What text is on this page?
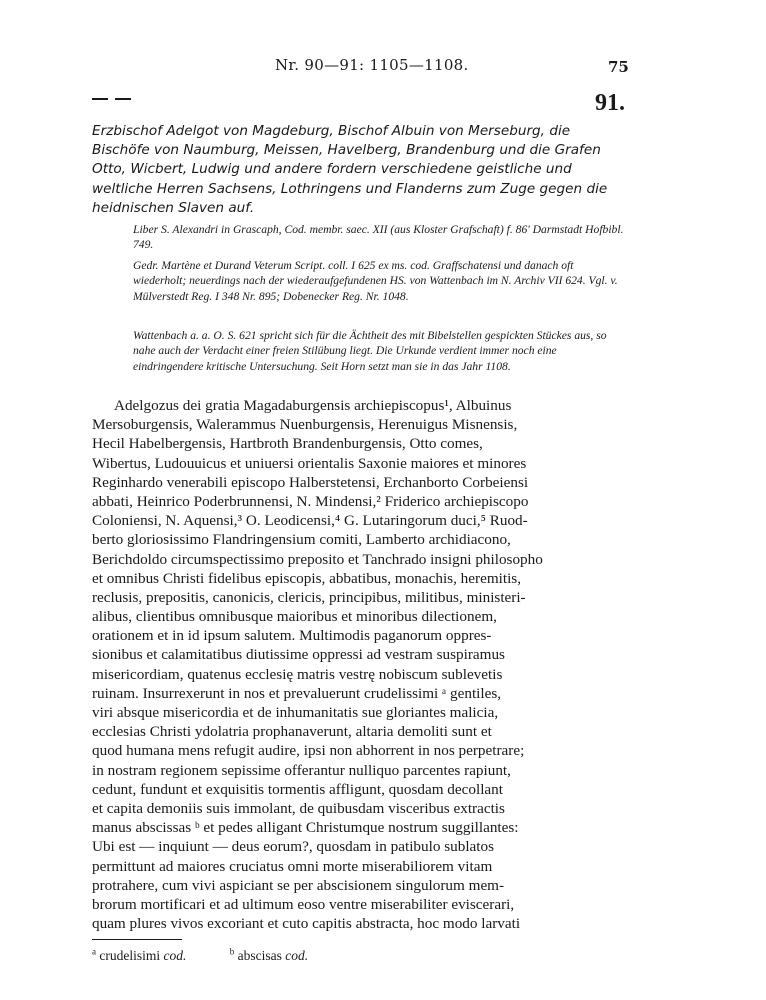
Nr. 90—91: 1105—1108.	75
91.
Erzbischof Adelgot von Magdeburg, Bischof Albuin von Merseburg, die Bischöfe von Naumburg, Meissen, Havelberg, Brandenburg und die Grafen Otto, Wicbert, Ludwig und andere fordern verschiedene geistliche und weltliche Herren Sachsens, Lothringens und Flanderns zum Zuge gegen die heidnischen Slaven auf.
Liber S. Alexandri in Grascaph, Cod. membr. saec. XII (aus Kloster Grafschaft) f. 86' Darmstadt Hofbibl. 749.
Gedr. Martène et Durand Veterum Script. coll. I 625 ex ms. cod. Graffschatensi und danach oft wiederholt; neuerdings nach der wiederaufgefundenen HS. von Wattenbach im N. Archiv VII 624. Vgl. v. Mülverstedt Reg. I 348 Nr. 895; Dobenecker Reg. Nr. 1048.
Wattenbach a. a. O. S. 621 spricht sich für die Ächtheit des mit Bibelstellen gespickten Stückes aus, so nahe auch der Verdacht einer freien Stilübung liegt. Die Urkunde verdient immer noch eine eindringendere kritische Untersuchung. Seit Horn setzt man sie in das Jahr 1108.
Adelgozus dei gratia Magadaburgensis archiepiscopus¹, Albuinus
Mersoburgensis, Walerammus Nuenburgensis, Herenuigus Misnensis,
Hecil Habelbergensis, Hartbroth Brandenburgensis, Otto comes,
Wibertus, Ludouuicus et uniuersi orientalis Saxonie maiores et minores
Reginhardo venerabili episcopo Halberstetensi, Erchanborto Corbeiensi
abbati, Heinrico Poderbrunnensi, N. Mindensi,² Friderico archiepiscopo
Coloniensi, N. Aquensi,³ O. Leodicensi,⁴ G. Lutaringorum duci,⁵ Ruod-
berto gloriosissimo Flandringensium comiti, Lamberto archidiacono,
Berichdoldo circumspectissimo preposito et Tanchrado insigni philosopho
et omnibus Christi fidelibus episcopis, abbatibus, monachis, heremitis,
reclusis, prepositis, canonicis, clericis, principibus, militibus, ministeri-
alibus, clientibus omnibusque maioribus et minoribus dilectionem,
orationem et in id ipsum salutem. Multimodis paganorum oppres-
sionibus et calamitatibus diutissime oppressi ad vestram suspiramus
misericordiam, quatenus ecclesię matris vestrę nobiscum sublevetis
ruinam. Insurrexerunt in nos et prevaluerunt crudelissimi ᵃ gentiles,
viri absque misericordia et de inhumanitatis sue gloriantes malicia,
ecclesias Christi ydolatria prophanaverunt, altaria demoliti sunt et
quod humana mens refugit audire, ipsi non abhorrent in nos perpetrare;
in nostram regionem sepissime offerantur nulliquo parcentes rapiunt,
cedunt, fundunt et exquisitis tormentis affligunt, quosdam decollant
et capita demoniis suis immolant, de quibusdam visceribus extractis
manus abscissas ᵇ et pedes alligant Christumque nostrum suggillantes:
Ubi est — inquiunt — deus eorum?, quosdam in patibulo sublatos
permittunt ad maiores cruciatus omni morte miserabiliorem vitam
protrahere, cum vivi aspiciant se per abscisionem singulorum mem-
brorum mortificari et ad ultimum eoso ventre miserabiliter eviscerari,
quam plures vivos excoriant et cuto capitis abstracta, hoc modo larvati
$^a$ crudelisimi cod.	$^b$ abscisas cod.
